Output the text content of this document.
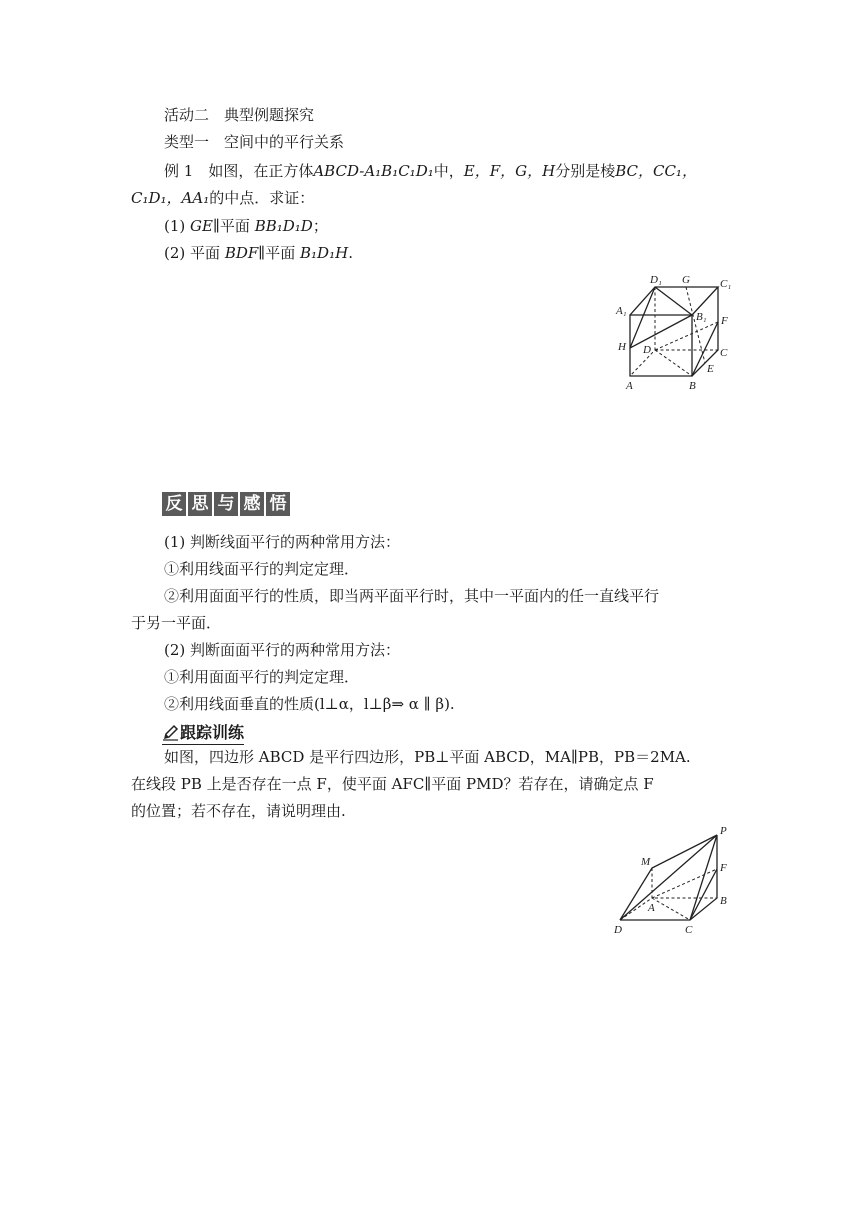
活动二　典型例题探究
类型一　空间中的平行关系
例 1　 如图，在正方体ABCD-A₁B₁C₁D₁中，E，F，G，H分别是棱BC，CC₁，
C₁D₁，AA₁的中点．求证：
(1) GE∥平面 BB₁D₁D；
(2) 平面 BDF∥平面 B₁D₁H.
D₁ G	C₁
A₁	B₁ F
H D	C
E
A	B
反 思 与 感 悟
(1) 判断线面平行的两种常用方法：
①利用线面平行的判定定理．
②利用面面平行的性质，即当两平面平行时，其中一平面内的任一直线平行
于另一平面．
(2) 判断面面平行的两种常用方法：
①利用面面平行的判定定理．
②利用线面垂直的性质(l⊥α，l⊥β⇒ α ∥ β).
跟踪训练
如图，四边形 ABCD 是平行四边形，PB⊥平面 ABCD，MA∥PB，PB＝2MA.
在线段 PB 上是否存在一点 F，使平面 AFC∥平面 PMD？若存在，请确定点 F
的位置；若不存在，请说明理由.
P
M	F
A
B
D	C
